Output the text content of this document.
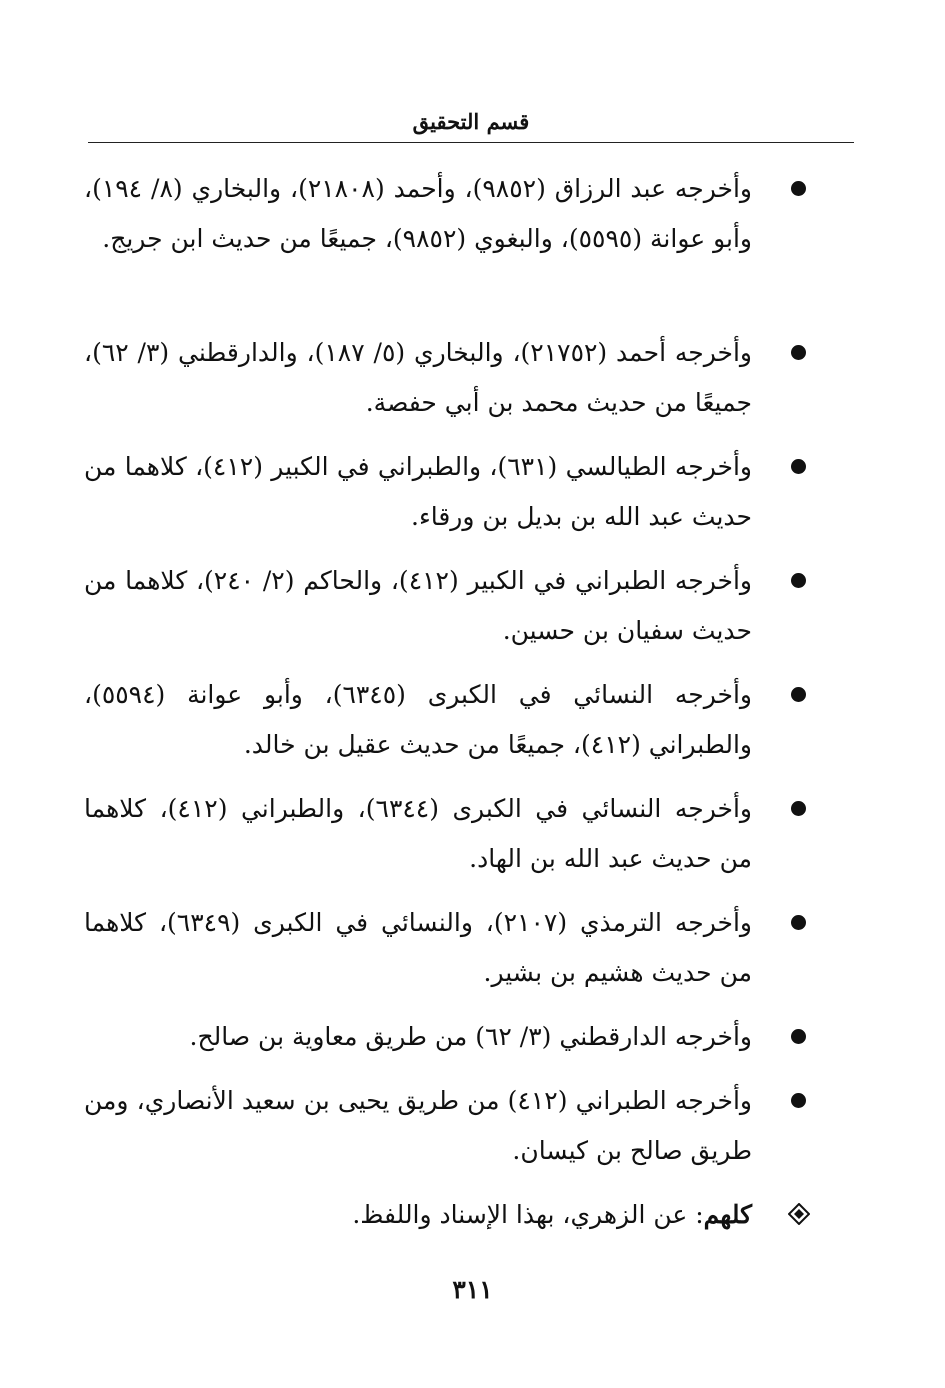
قسم التحقيق
وأخرجه عبد الرزاق (٩٨٥٢)، وأحمد (٢١٨٠٨)، والبخاري (٨/ ١٩٤)، وأبو عوانة (٥٥٩٥)، والبغوي (٩٨٥٢)، جميعًا من حديث ابن جريج.
وأخرجه أحمد (٢١٧٥٢)، والبخاري (٥/ ١٨٧)، والدارقطني (٣/ ٦٢)، جميعًا من حديث محمد بن أبي حفصة.
وأخرجه الطيالسي (٦٣١)، والطبراني في الكبير (٤١٢)، كلاهما من حديث عبد الله بن بديل بن ورقاء.
وأخرجه الطبراني في الكبير (٤١٢)، والحاكم (٢/ ٢٤٠)، كلاهما من حديث سفيان بن حسين.
وأخرجه النسائي في الكبرى (٦٣٤٥)، وأبو عوانة (٥٥٩٤)، والطبراني (٤١٢)، جميعًا من حديث عقيل بن خالد.
وأخرجه النسائي في الكبرى (٦٣٤٤)، والطبراني (٤١٢)، كلاهما من حديث عبد الله بن الهاد.
وأخرجه الترمذي (٢١٠٧)، والنسائي في الكبرى (٦٣٤٩)، كلاهما من حديث هشيم بن بشير.
وأخرجه الدارقطني (٣/ ٦٢) من طريق معاوية بن صالح.
وأخرجه الطبراني (٤١٢) من طريق يحيى بن سعيد الأنصاري، ومن طريق صالح بن كيسان.
كلهم: عن الزهري، بهذا الإسناد واللفظ.
٣١١
